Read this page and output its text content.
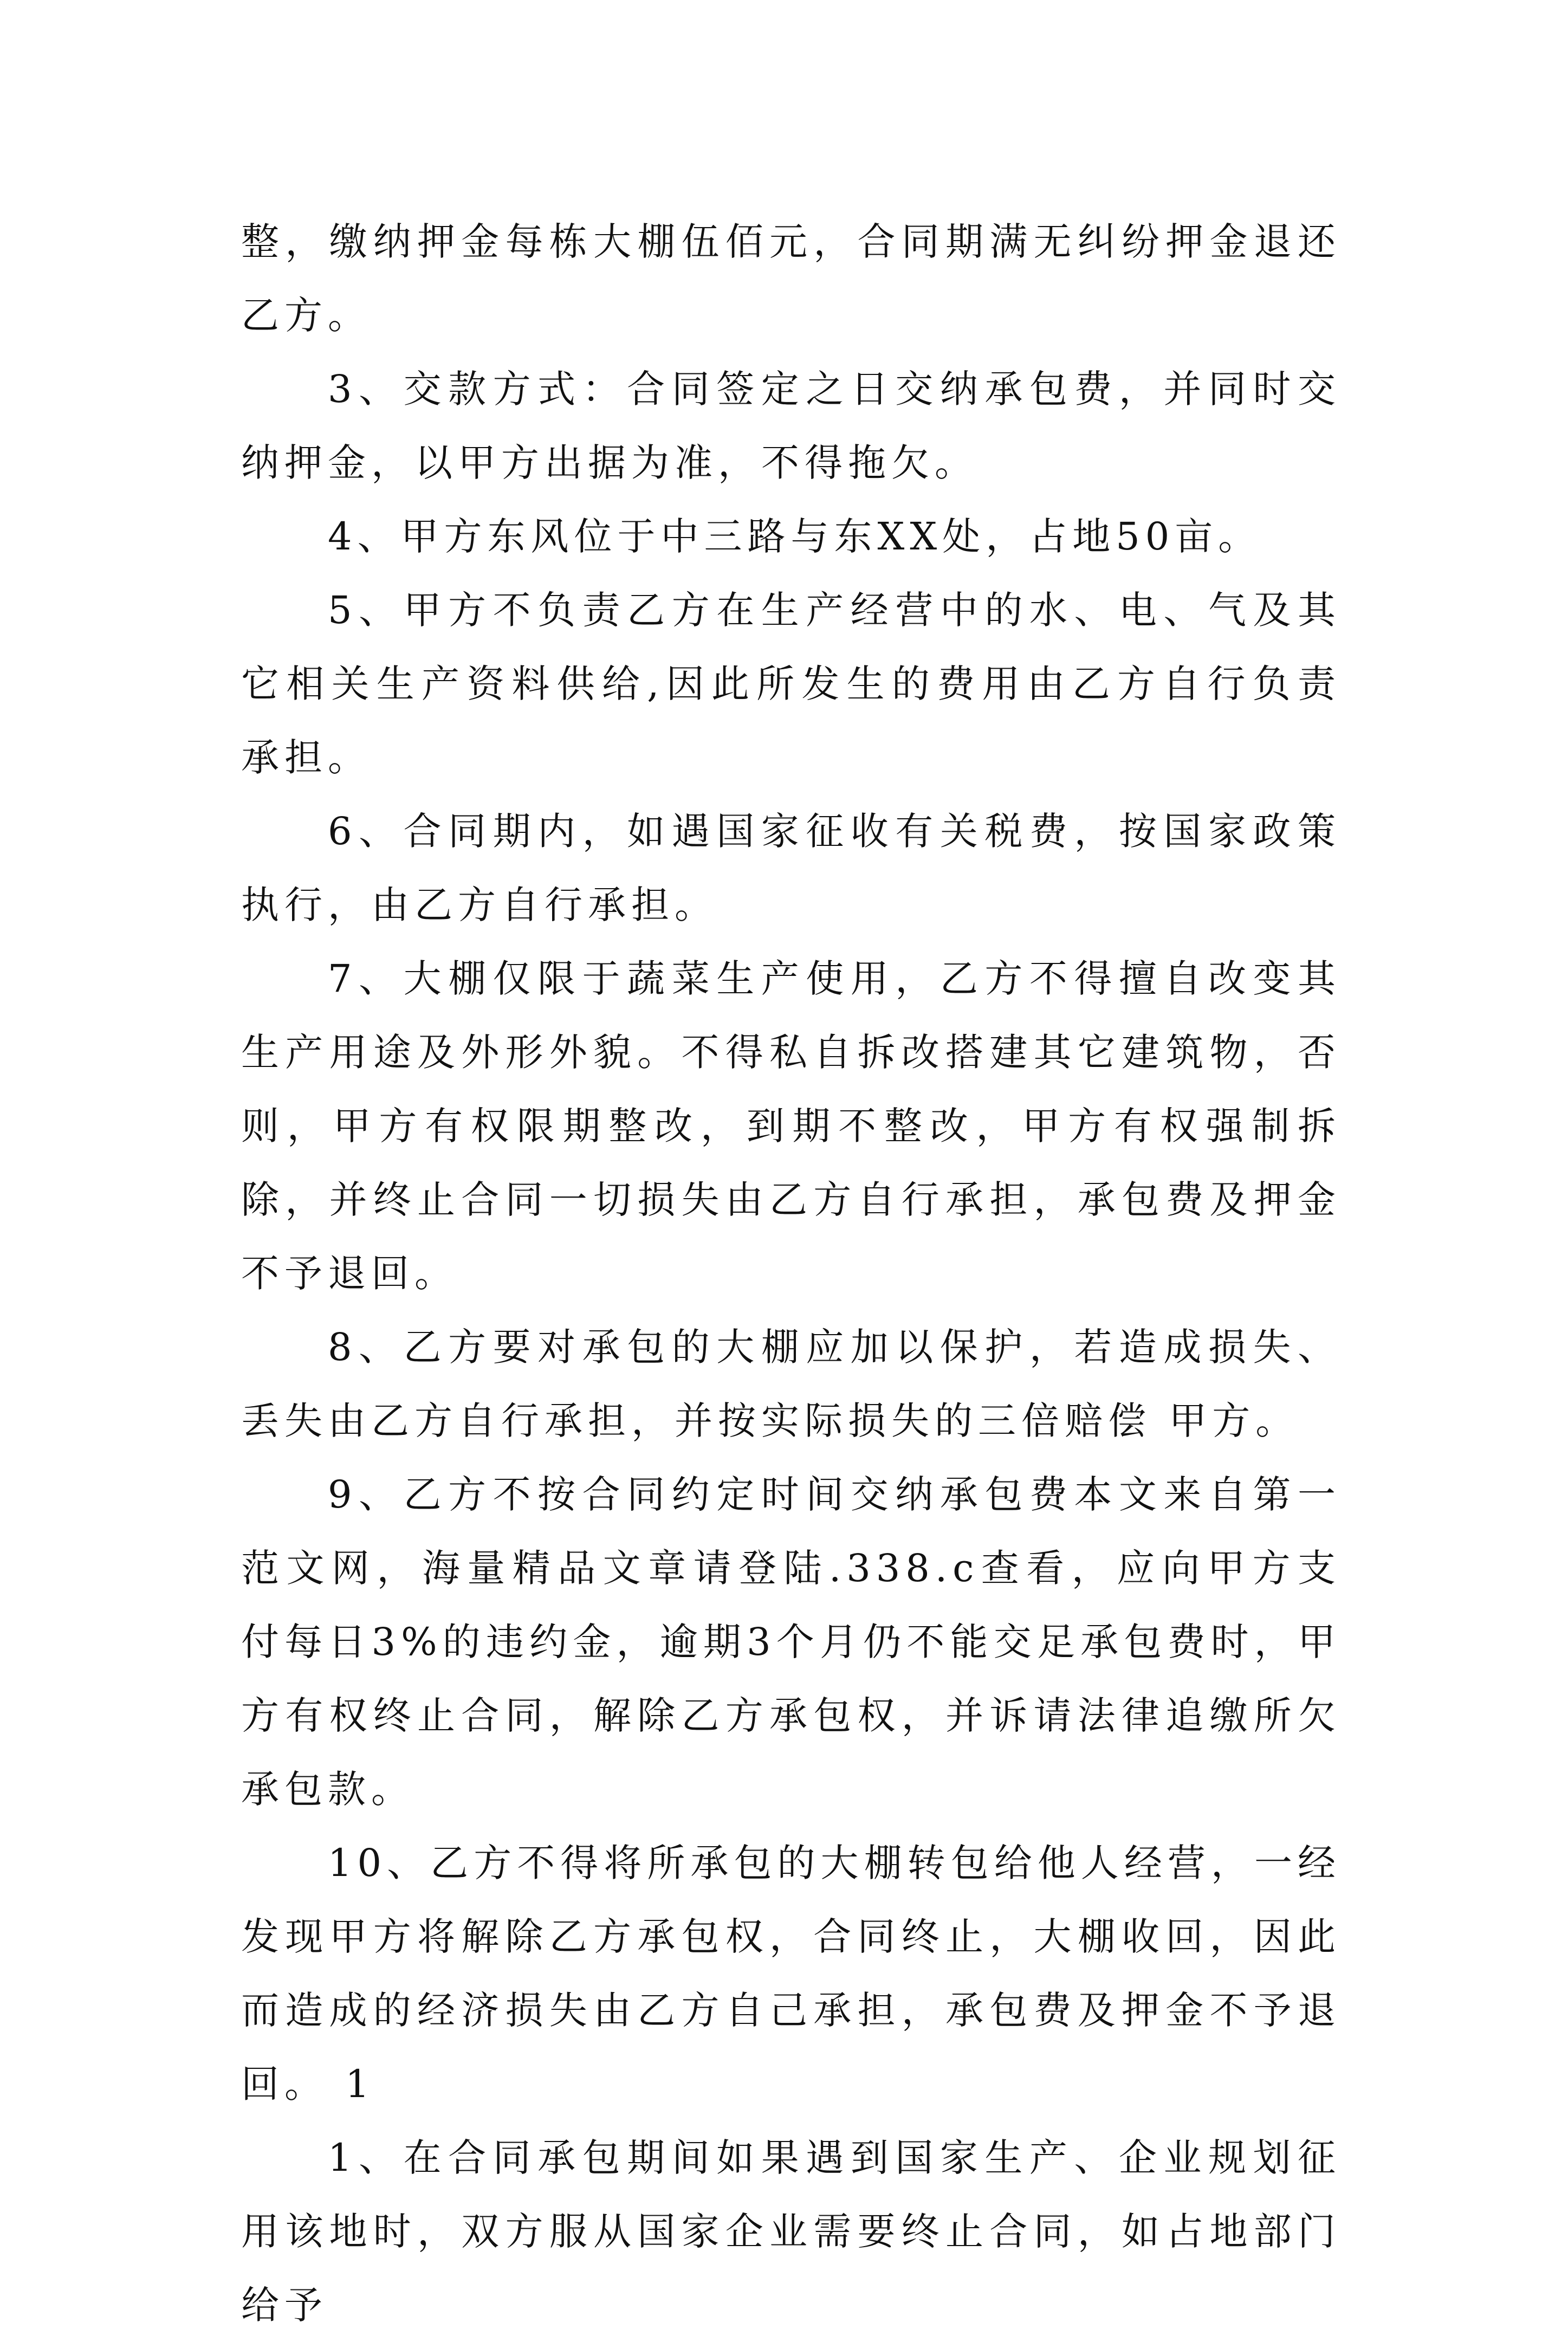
整，缴纳押金每栋大棚伍佰元，合同期满无纠纷押金退还乙方。

3、交款方式：合同签定之日交纳承包费，并同时交纳押金，以甲方出据为准，不得拖欠。

4、甲方东风位于中三路与东XX处，占地50亩。

5、甲方不负责乙方在生产经营中的水、电、气及其它相关生产资料供给,因此所发生的费用由乙方自行负责承担。

6、合同期内，如遇国家征收有关税费，按国家政策执行，由乙方自行承担。

7、大棚仅限于蔬菜生产使用，乙方不得擅自改变其生产用途及外形外貌。不得私自拆改搭建其它建筑物，否则，甲方有权限期整改，到期不整改，甲方有权强制拆除，并终止合同一切损失由乙方自行承担，承包费及押金不予退回。

8、乙方要对承包的大棚应加以保护，若造成损失、丢失由乙方自行承担，并按实际损失的三倍赔偿 甲方。

9、乙方不按合同约定时间交纳承包费本文来自第一范文网，海量精品文章请登陆.338.c查看，应向甲方支付每日3%的违约金，逾期3个月仍不能交足承包费时，甲方有权终止合同，解除乙方承包权，并诉请法律追缴所欠承包款。

10、乙方不得将所承包的大棚转包给他人经营，一经发现甲方将解除乙方承包权，合同终止，大棚收回，因此而造成的经济损失由乙方自己承担，承包费及押金不予退回。 1

1、在合同承包期间如果遇到国家生产、企业规划征用该地时，双方服从国家企业需要终止合同，如占地部门给予
